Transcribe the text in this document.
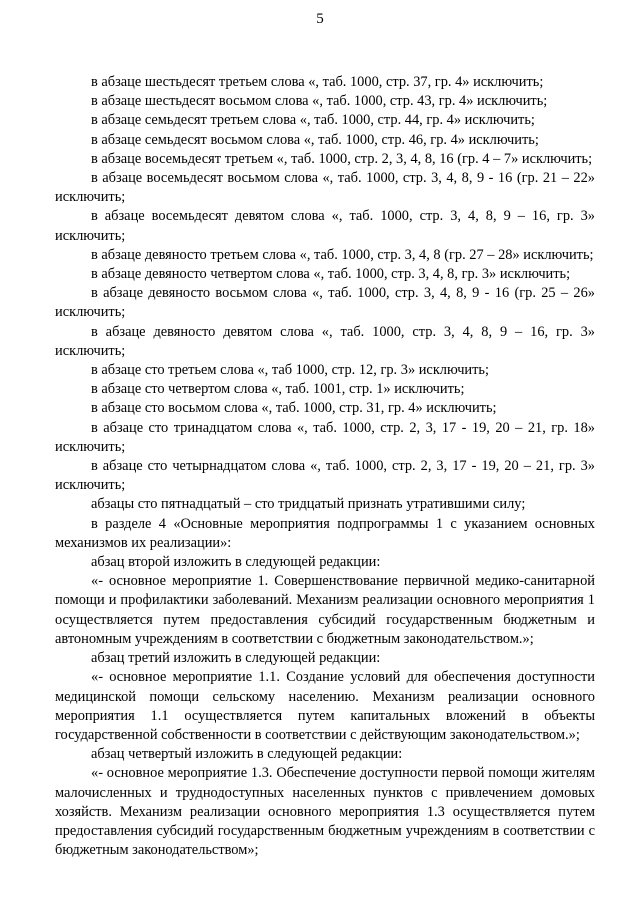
5

в абзаце шестьдесят третьем слова «, таб. 1000, стр. 37, гр. 4» исключить;

в абзаце шестьдесят восьмом слова «, таб. 1000, стр. 43, гр. 4» исключить;

в абзаце семьдесят третьем слова «, таб. 1000, стр. 44, гр. 4» исключить;

в абзаце семьдесят восьмом слова «, таб. 1000, стр. 46, гр. 4» исключить;

в абзаце восемьдесят третьем «, таб. 1000, стр. 2, 3, 4, 8, 16 (гр. 4 – 7» исключить;

в абзаце восемьдесят восьмом слова «, таб. 1000, стр. 3, 4, 8, 9 - 16 (гр. 21 – 22» исключить;

в абзаце восемьдесят девятом слова «, таб. 1000, стр. 3, 4, 8, 9 – 16, гр. 3» исключить;

в абзаце девяносто третьем слова «, таб. 1000, стр. 3, 4, 8 (гр. 27 – 28» исключить;

в абзаце девяносто четвертом слова «, таб. 1000, стр. 3, 4, 8, гр. 3» исключить;

в абзаце девяносто восьмом слова «, таб. 1000, стр. 3, 4, 8, 9 - 16 (гр. 25 – 26» исключить;

в абзаце девяносто девятом слова «, таб. 1000, стр. 3, 4, 8, 9 – 16, гр. 3» исключить;

в абзаце сто третьем слова «, таб 1000, стр. 12, гр. 3» исключить;

в абзаце сто четвертом слова «, таб. 1001, стр. 1» исключить;

в абзаце сто восьмом слова «, таб. 1000, стр. 31, гр. 4» исключить;

в абзаце сто тринадцатом слова «, таб. 1000, стр. 2, 3, 17 - 19, 20 – 21, гр. 18» исключить;

в абзаце сто четырнадцатом слова «, таб. 1000, стр. 2, 3, 17 - 19, 20 – 21, гр. 3» исключить;

абзацы сто пятнадцатый – сто тридцатый признать утратившими силу;

в разделе 4 «Основные мероприятия подпрограммы 1 с указанием основных механизмов их реализации»:

абзац второй изложить в следующей редакции:

«- основное мероприятие 1. Совершенствование первичной медико-санитарной помощи и профилактики заболеваний. Механизм реализации основного мероприятия 1 осуществляется путем предоставления субсидий государственным бюджетным и автономным учреждениям в соответствии с бюджетным законодательством.»;

абзац третий изложить в следующей редакции:

«- основное мероприятие 1.1. Создание условий для обеспечения доступности медицинской помощи сельскому населению. Механизм реализации основного мероприятия 1.1 осуществляется путем капитальных вложений в объекты государственной собственности в соответствии с действующим законодательством.»;

абзац четвертый изложить в следующей редакции:

«- основное мероприятие 1.3. Обеспечение доступности первой помощи жителям малочисленных и труднодоступных населенных пунктов с привлечением домовых хозяйств. Механизм реализации основного мероприятия 1.3 осуществляется путем предоставления субсидий государственным бюджетным учреждениям в соответствии с бюджетным законодательством»;
